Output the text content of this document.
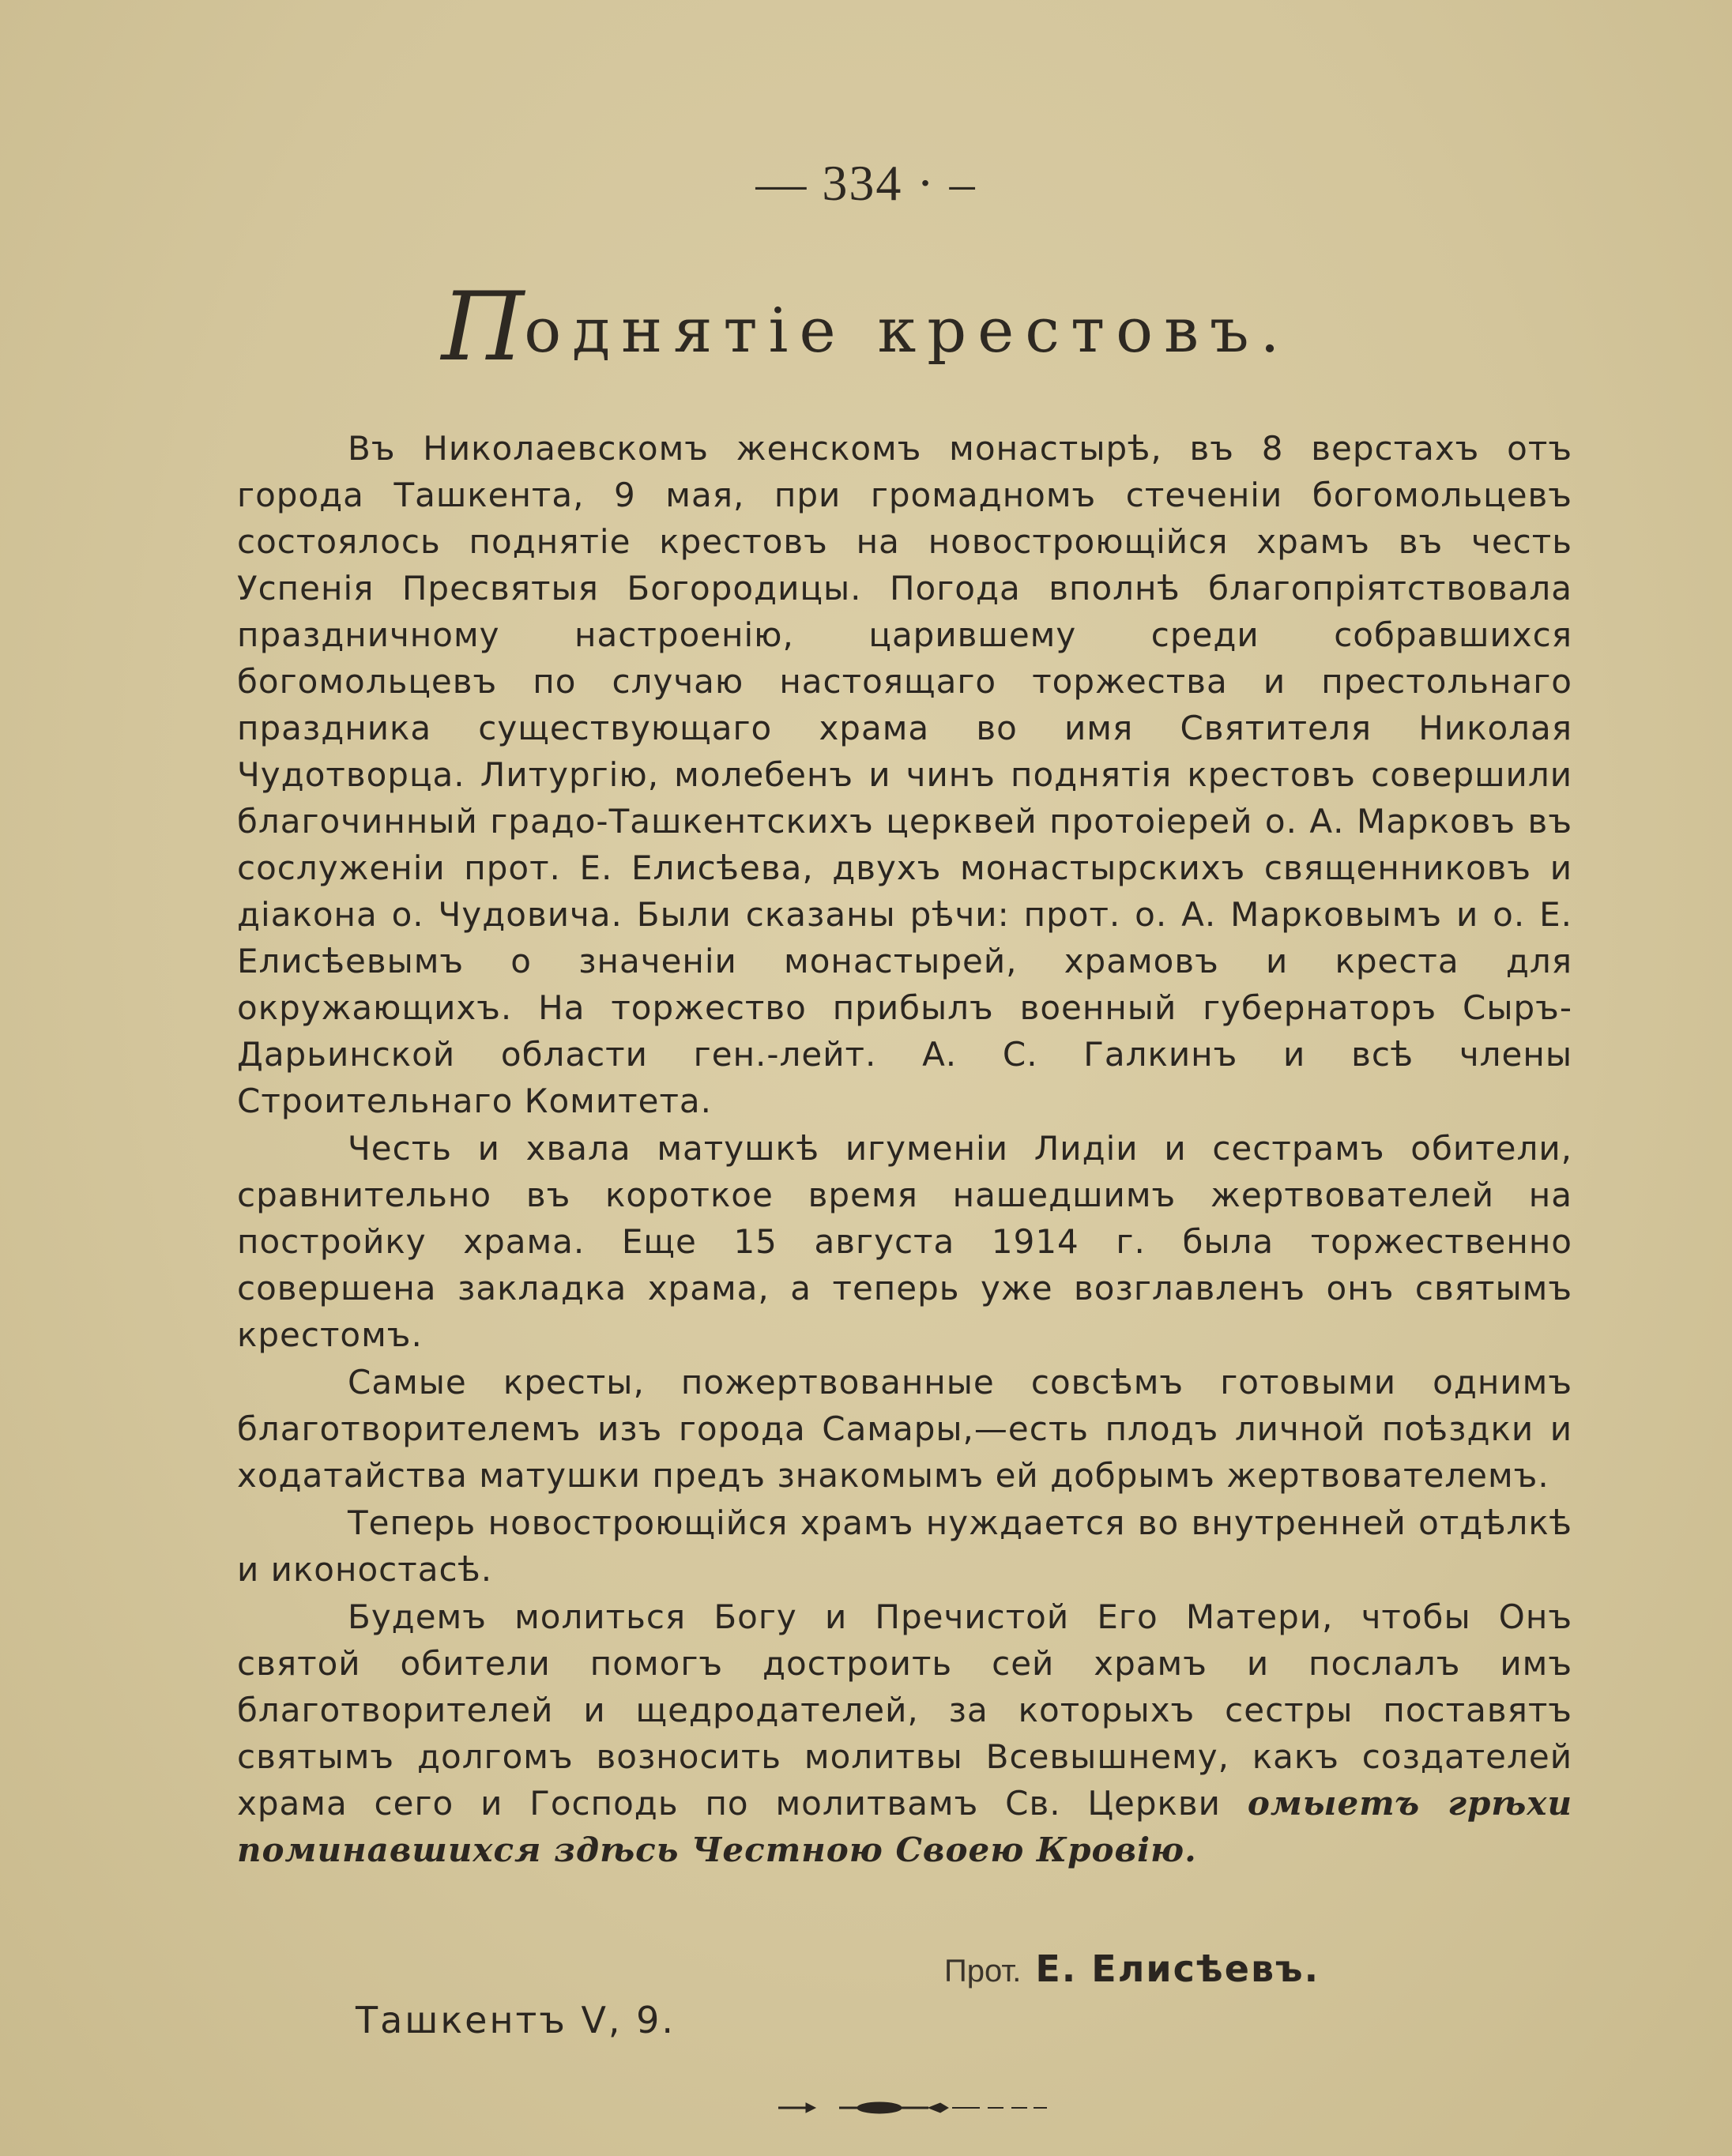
— 334 · –
Поднятіе крестовъ.

Въ Николаевскомъ женскомъ монастырѣ, въ 8 верстахъ отъ города Ташкента, 9 мая, при громадномъ стеченіи богомольцевъ состоялось поднятіе крестовъ на новостроющійся храмъ въ честь Успенія Пресвятыя Богородицы. Погода вполнѣ благопріятствовала праздничному настроенію, царившему среди собравшихся богомольцевъ по случаю настоящаго торжества и престольнаго праздника существующаго храма во имя Святителя Николая Чудотворца. Литургію, молебенъ и чинъ поднятія крестовъ совершили благочинный градо-Ташкентскихъ церквей протоіерей о. А. Марковъ въ сослуженіи прот. Е. Елисѣева, двухъ монастырскихъ священниковъ и діакона о. Чудовича. Были сказаны рѣчи: прот. о. А. Марковымъ и о. Е. Елисѣевымъ о значеніи монастырей, храмовъ и креста для окружающихъ. На торжество прибылъ военный губернаторъ Сыръ-Дарьинской области ген.-лейт. А. С. Галкинъ и всѣ члены Строительнаго Комитета.

Честь и хвала матушкѣ игуменіи Лидіи и сестрамъ обители, сравнительно въ короткое время нашедшимъ жертвователей на постройку храма. Еще 15 августа 1914 г. была торжественно совершена закладка храма, а теперь уже возглавленъ онъ святымъ крестомъ.

Самые кресты, пожертвованные совсѣмъ готовыми однимъ благотворителемъ изъ города Самары,—есть плодъ личной поѣздки и ходатайства матушки предъ знакомымъ ей добрымъ жертвователемъ.

Теперь новостроющійся храмъ нуждается во внутренней отдѣлкѣ и иконостасѣ.

Будемъ молиться Богу и Пречистой Его Матери, чтобы Онъ святой обители помогъ достроить сей храмъ и послалъ имъ благотворителей и щедродателей, за которыхъ сестры поставятъ святымъ долгомъ возносить молитвы Всевышнему, какъ создателей храма сего и Господь по молитвамъ Св. Церкви омыетъ грѣхи поминавшихся здѣсь Честною Своею Кровію.

Прот. Е. Елисѣевъ.
Ташкентъ V, 9.
